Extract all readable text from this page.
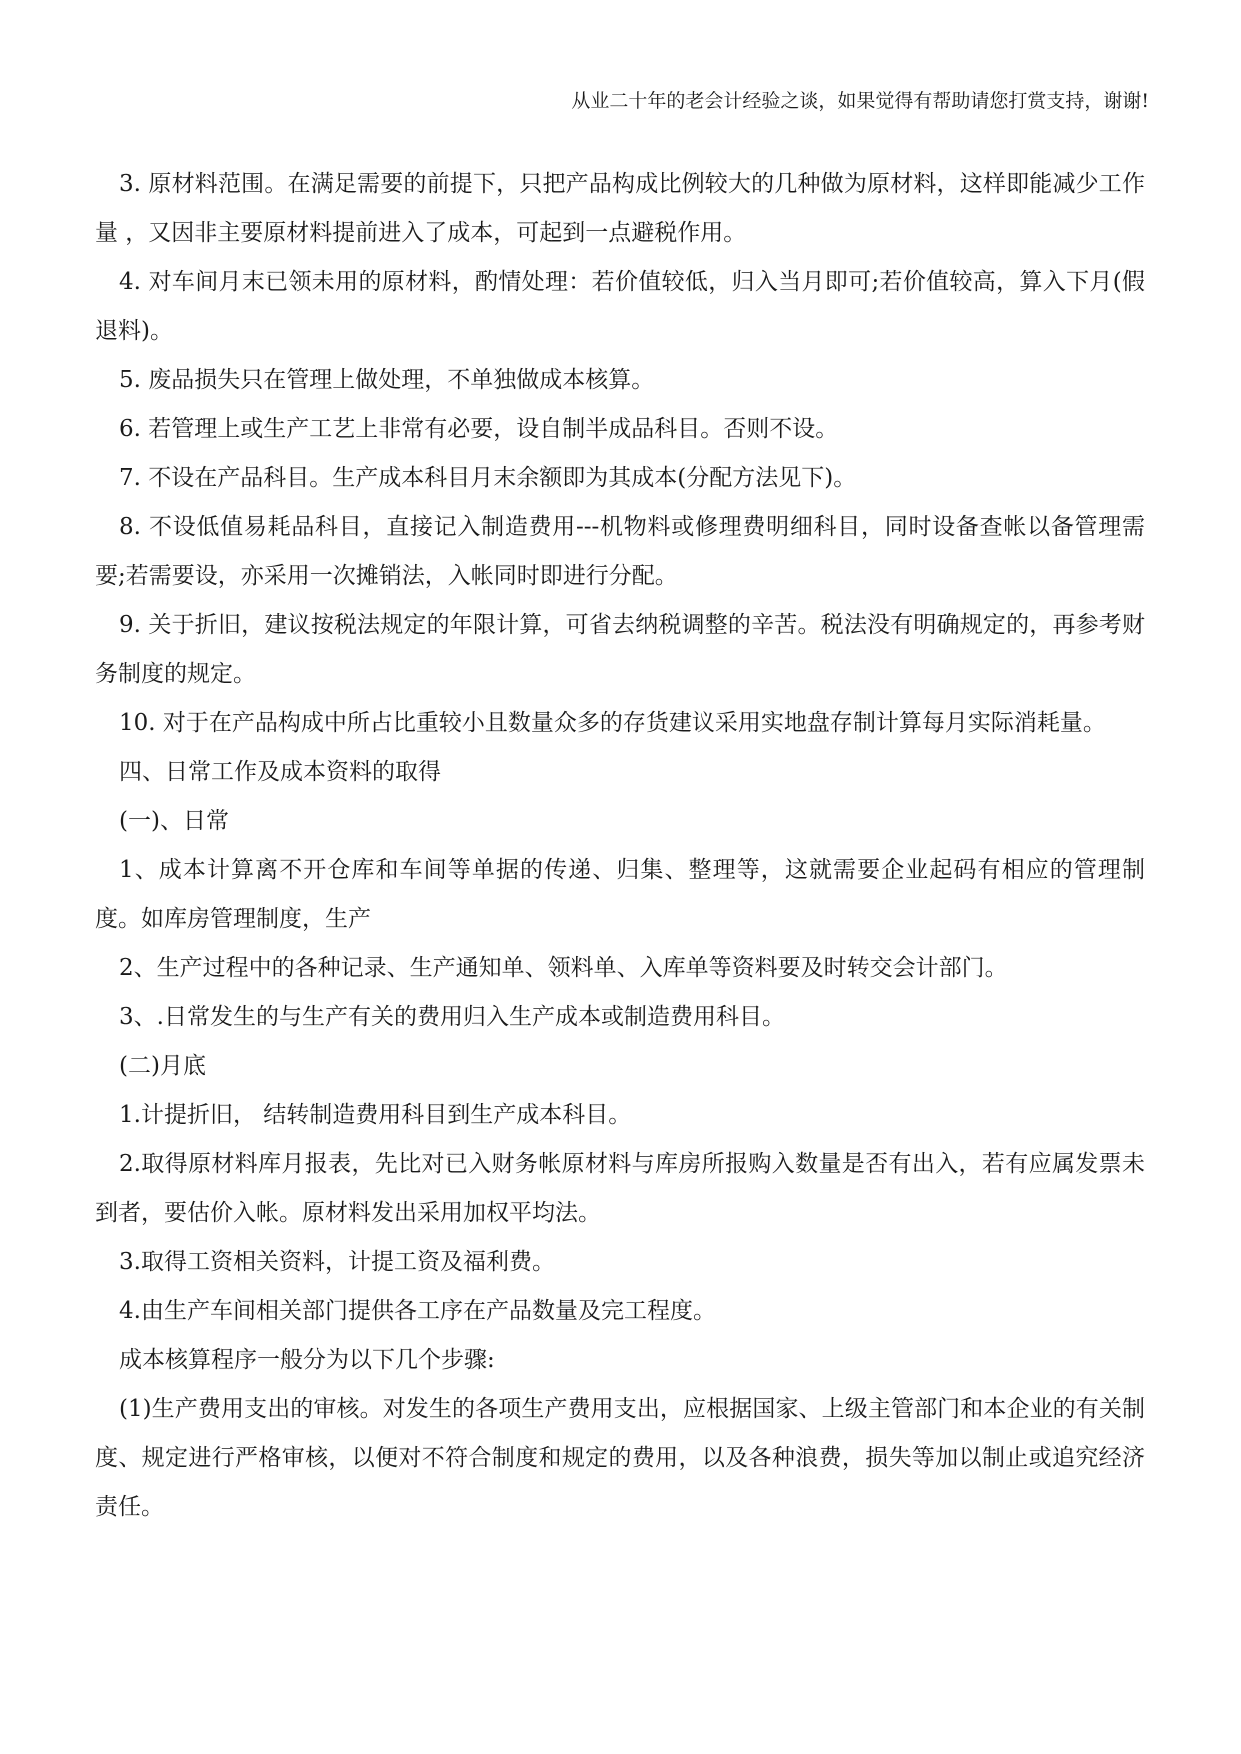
从业二十年的老会计经验之谈，如果觉得有帮助请您打赏支持，谢谢!

3. 原材料范围。在满足需要的前提下，只把产品构成比例较大的几种做为原材料，这样即能减少工作量 ，又因非主要原材料提前进入了成本，可起到一点避税作用。

4. 对车间月末已领未用的原材料，酌情处理：若价值较低，归入当月即可;若价值较高，算入下月(假退料)。

5. 废品损失只在管理上做处理，不单独做成本核算。

6. 若管理上或生产工艺上非常有必要，设自制半成品科目。否则不设。

7. 不设在产品科目。生产成本科目月末余额即为其成本(分配方法见下)。

8. 不设低值易耗品科目，直接记入制造费用---机物料或修理费明细科目，同时设备查帐以备管理需要;若需要设，亦采用一次摊销法，入帐同时即进行分配。

9. 关于折旧，建议按税法规定的年限计算，可省去纳税调整的辛苦。税法没有明确规定的，再参考财务制度的规定。

10. 对于在产品构成中所占比重较小且数量众多的存货建议采用实地盘存制计算每月实际消耗量。

四、日常工作及成本资料的取得

(一)、日常

1、成本计算离不开仓库和车间等单据的传递、归集、整理等，这就需要企业起码有相应的管理制度。如库房管理制度，生产

2、生产过程中的各种记录、生产通知单、领料单、入库单等资料要及时转交会计部门。

3、.日常发生的与生产有关的费用归入生产成本或制造费用科目。

(二)月底

1.计提折旧， 结转制造费用科目到生产成本科目。

2.取得原材料库月报表，先比对已入财务帐原材料与库房所报购入数量是否有出入，若有应属发票未到者，要估价入帐。原材料发出采用加权平均法。

3.取得工资相关资料，计提工资及福利费。

4.由生产车间相关部门提供各工序在产品数量及完工程度。

成本核算程序一般分为以下几个步骤:

(1)生产费用支出的审核。对发生的各项生产费用支出，应根据国家、上级主管部门和本企业的有关制度、规定进行严格审核，以便对不符合制度和规定的费用，以及各种浪费，损失等加以制止或追究经济责任。
